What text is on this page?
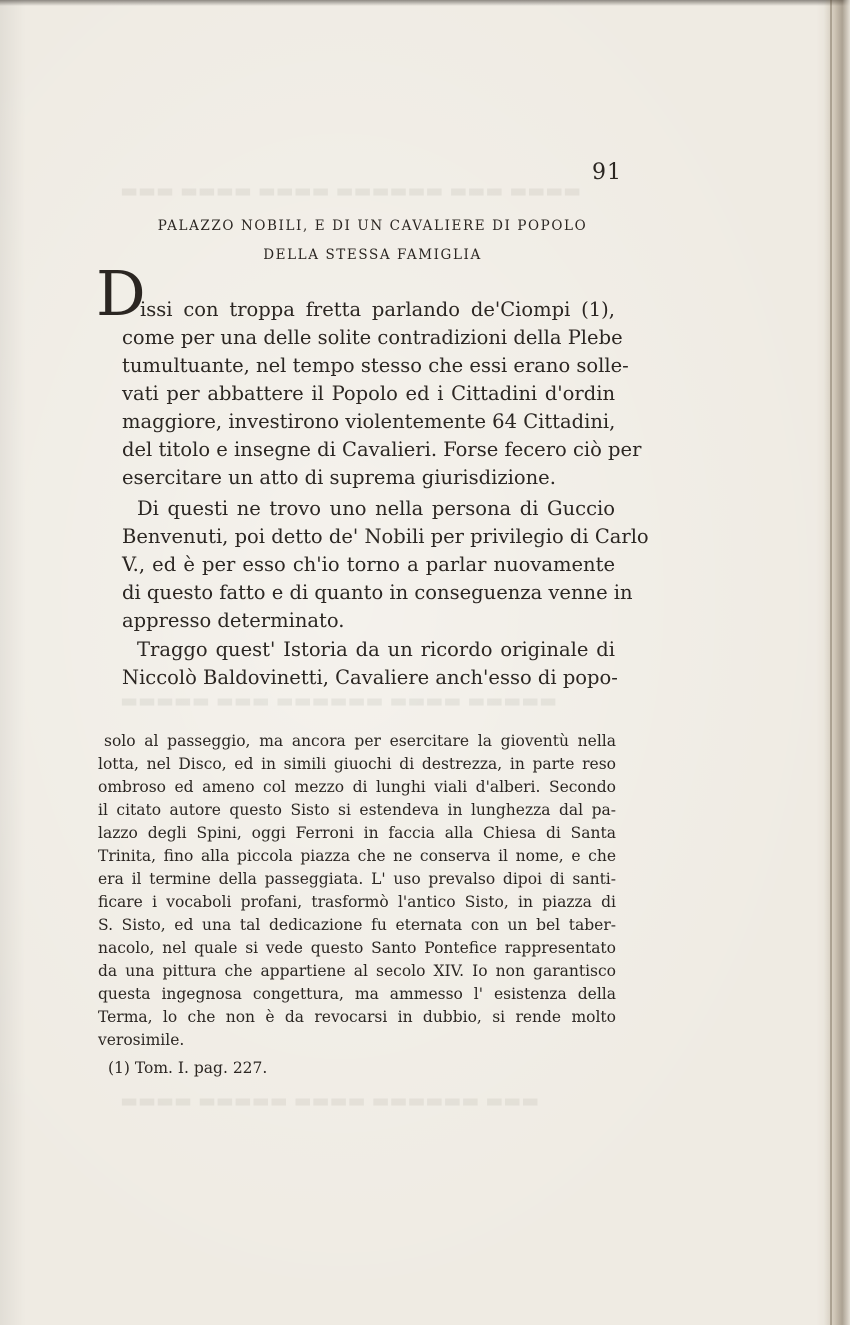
▬▬▬▬ ▬▬▬ ▬▬▬▬▬▬ ▬▬▬▬ ▬▬▬▬ ▬▬▬
▬▬▬▬▬ ▬▬▬▬ ▬▬▬▬▬▬ ▬▬▬ ▬▬▬▬▬
▬▬▬ ▬▬▬▬▬▬ ▬▬▬▬ ▬▬▬▬▬ ▬▬▬▬
91
PALAZZO NOBILI, E DI UN CAVALIERE DI POPOLO
DELLA STESSA FAMIGLIA
D
issi con troppa fretta parlando de'Ciompi (1),
come per una delle solite contradizioni della Plebe
tumultuante, nel tempo stesso che essi erano solle-
vati per abbattere il Popolo ed i Cittadini d'ordin
maggiore, investirono violentemente 64 Cittadini,
del titolo e insegne di Cavalieri. Forse fecero ciò per
esercitare un atto di suprema giurisdizione.
Di questi ne trovo uno nella persona di Guccio
Benvenuti, poi detto de' Nobili per privilegio di Carlo
V., ed è per esso ch'io torno a parlar nuovamente
di questo fatto e di quanto in conseguenza venne in
appresso determinato.
Traggo quest' Istoria da un ricordo originale di
Niccolò Baldovinetti, Cavaliere anch'esso di popo-
solo al passeggio, ma ancora per esercitare la gioventù nella
lotta, nel Disco, ed in simili giuochi di destrezza, in parte reso
ombroso ed ameno col mezzo di lunghi viali d'alberi. Secondo
il citato autore questo Sisto si estendeva in lunghezza dal pa-
lazzo degli Spini, oggi Ferroni in faccia alla Chiesa di Santa
Trinita, fino alla piccola piazza che ne conserva il nome, e che
era il termine della passeggiata. L' uso prevalso dipoi di santi-
ficare i vocaboli profani, trasformò l'antico Sisto, in piazza di
S. Sisto, ed una tal dedicazione fu eternata con un bel taber-
nacolo, nel quale si vede questo Santo Pontefice rappresentato
da una pittura che appartiene al secolo XIV. Io non garantisco
questa ingegnosa congettura, ma ammesso l' esistenza della
Terma, lo che non è da revocarsi in dubbio, si rende molto
verosimile.
(1) Tom. I. pag. 227.
